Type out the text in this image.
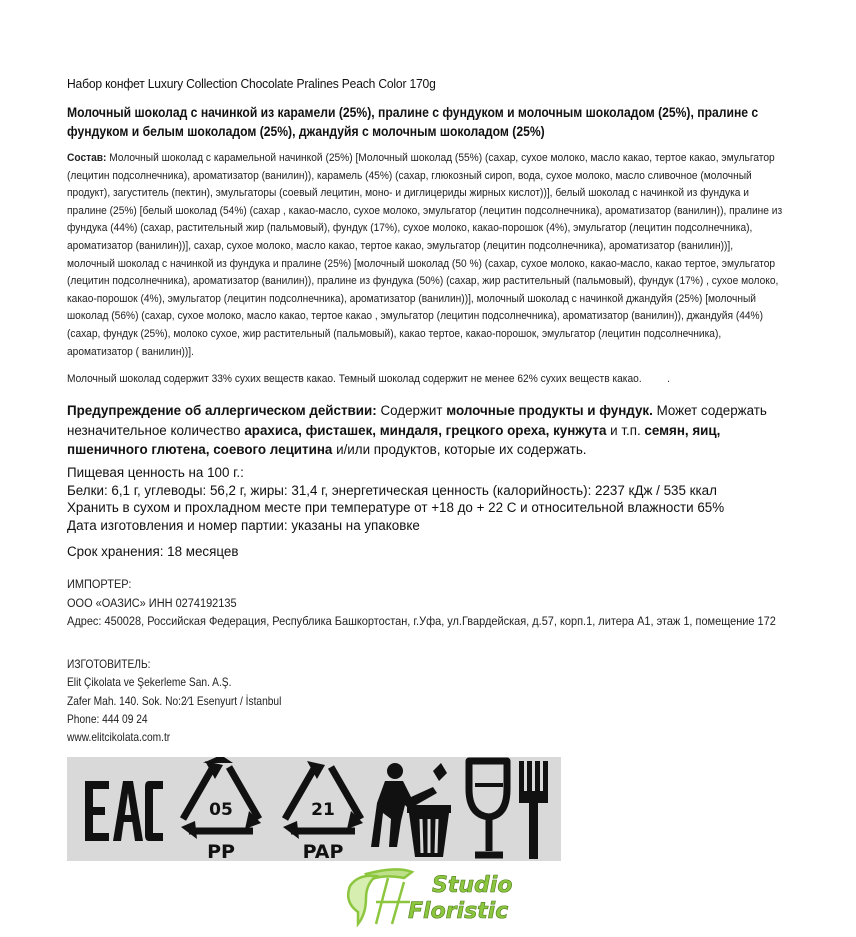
Набор конфет Luxury Collection Chocolate Pralines Peach Color 170g
Молочный шоколад с начинкой из карамели (25%), пралине с фундуком и молочным шоколадом (25%), пралине с фундуком и белым шоколадом (25%), джандуйя с молочным шоколадом (25%)
Состав: Молочный шоколад с карамельной начинкой (25%) [Молочный шоколад (55%) (сахар, сухое молоко, масло какао, тертое какао, эмульгатор (лецитин подсолнечника), ароматизатор (ванилин)), карамель (45%) (сахар, глюкозный сироп, вода, сухое молоко, масло сливочное (молочный продукт), загуститель (пектин), эмульгаторы (соевый лецитин, моно- и диглицериды жирных кислот))], белый шоколад с начинкой из фундука и пралине (25%) [белый шоколад (54%) (сахар , какао-масло, сухое молоко, эмульгатор (лецитин подсолнечника), ароматизатор (ванилин)), пралине из фундука (44%) (сахар, растительный жир (пальмовый), фундук (17%), сухое молоко, какао-порошок (4%), эмульгатор (лецитин подсолнечника), ароматизатор (ванилин))], сахар, сухое молоко, масло какао, тертое какао, эмульгатор (лецитин подсолнечника), ароматизатор (ванилин))], молочный шоколад с начинкой из фундука и пралине (25%) [молочный шоколад (50 %) (сахар, сухое молоко, какао-масло, какао тертое, эмульгатор (лецитин подсолнечника), ароматизатор (ванилин)), пралине из фундука (50%) (сахар, жир растительный (пальмовый), фундук (17%) , сухое молоко, какао-порошок (4%), эмульгатор (лецитин подсолнечника), ароматизатор (ванилин))], молочный шоколад с начинкой джандуйя (25%) [молочный шоколад (56%) (сахар, сухое молоко, масло какао, тертое какао , эмульгатор (лецитин подсолнечника), ароматизатор (ванилин)), джандуйя (44%) (сахар, фундук (25%), молоко сухое, жир растительный (пальмовый), какао тертое, какао-порошок, эмульгатор (лецитин подсолнечника), ароматизатор ( ванилин))].
Молочный шоколад содержит 33% сухих веществ какао. Темный шоколад содержит не менее 62% сухих веществ какао.         .
Предупреждение об аллергическом действии: Содержит молочные продукты и фундук. Может содержать незначительное количество арахиса, фисташек, миндаля, грецкого ореха, кунжута и т.п. семян, яиц, пшеничного глютена, соевого лецитина и/или продуктов, которые их содержать.
Пищевая ценность на 100 г.:
Белки: 6,1 г, углеводы: 56,2 г, жиры: 31,4 г, энергетическая ценность (калорийность): 2237 кДж / 535 ккал
Хранить в сухом и прохладном месте при температуре от +18 до + 22 С и относительной влажности 65%
Дата изготовления и номер партии: указаны на упаковке
Срок хранения: 18 месяцев
ИМПОРТЕР:
ООО «ОАЗИС» ИНН 0274192135
Адрес: 450028, Российская Федерация, Республика Башкортостан, г.Уфа, ул.Гвардейская, д.57, корп.1, литера А1, этаж 1, помещение 172
ИЗГОТОВИТЕЛЬ:
Elit Çikolata ve Şekerleme San. A.Ş.
Zafer Mah. 140. Sok. No:2⁄1 Esenyurt / İstanbul
Phone: 444 09 24
www.elitcikolata.com.tr
05
PP
21
PAP
Studio
Floristic
